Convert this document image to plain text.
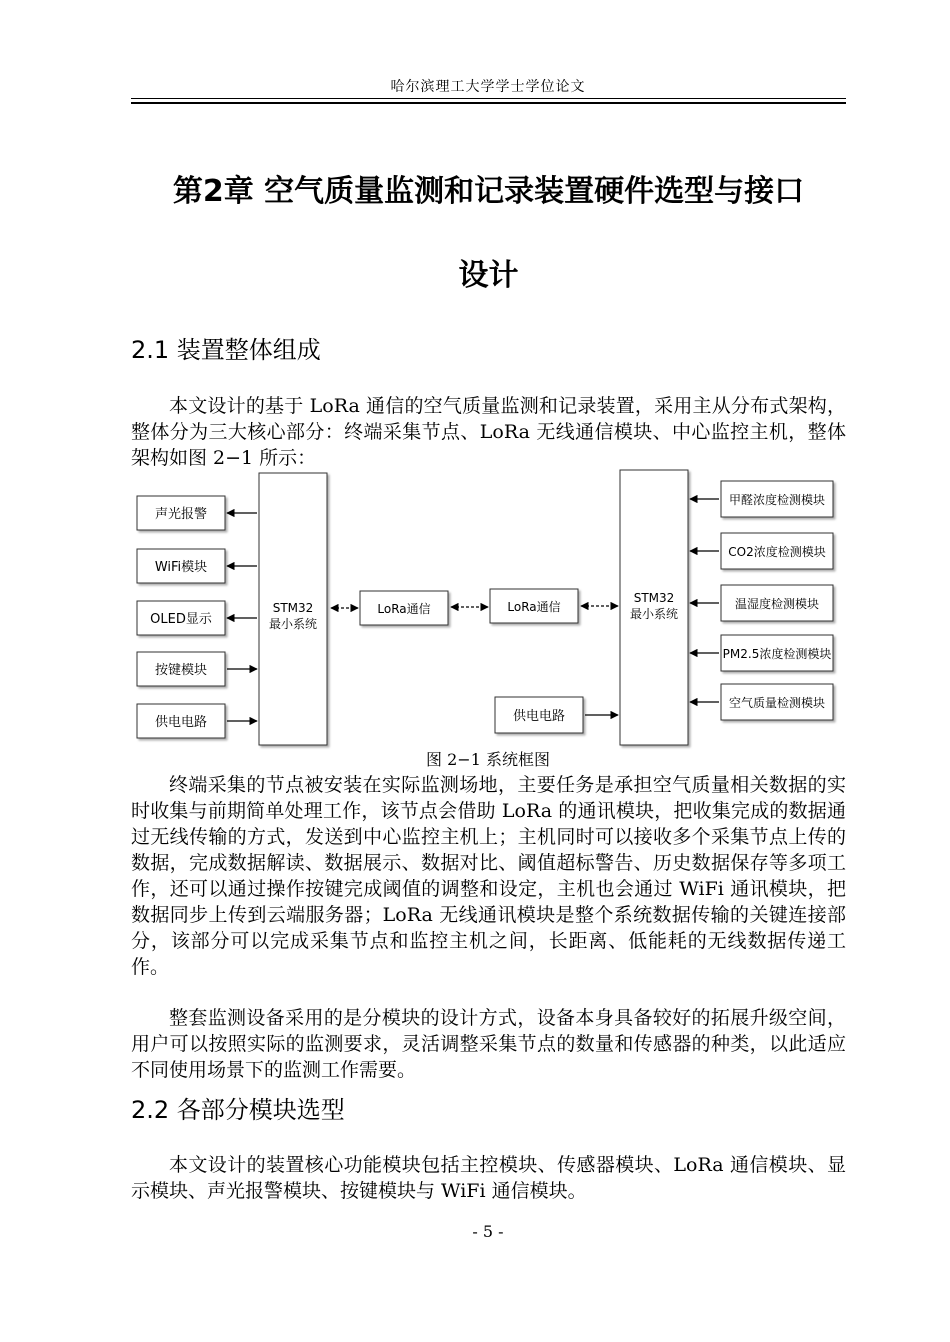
哈尔滨理工大学学士学位论文
第2章 空气质量监测和记录装置硬件选型与接口
设计
2.1 装置整体组成

本文设计的基于 LoRa 通信的空气质量监测和记录装置，采用主从分布式架构，整体分为三大核心部分：终端采集节点、LoRa 无线通信模块、中心监控主机，整体架构如图 2−1 所示：

声光报警
WiFi模块
OLED显示
按键模块
供电电路
STM32
最小系统
LoRa通信	LoRa通信
STM32
最小系统
供电电路
甲醛浓度检测模块
CO2浓度检测模块
温湿度检测模块
PM2.5浓度检测模块
空气质量检测模块
图 2−1 系统框图

终端采集的节点被安装在实际监测场地，主要任务是承担空气质量相关数据的实时收集与前期简单处理工作，该节点会借助 LoRa 的通讯模块，把收集完成的数据通过无线传输的方式，发送到中心监控主机上；主机同时可以接收多个采集节点上传的数据，完成数据解读、数据展示、数据对比、阈值超标警告、历史数据保存等多项工作，还可以通过操作按键完成阈值的调整和设定，主机也会通过 WiFi 通讯模块，把数据同步上传到云端服务器；LoRa 无线通讯模块是整个系统数据传输的关键连接部分，该部分可以完成采集节点和监控主机之间，长距离、低能耗的无线数据传递工作。

整套监测设备采用的是分模块的设计方式，设备本身具备较好的拓展升级空间，用户可以按照实际的监测要求，灵活调整采集节点的数量和传感器的种类，以此适应不同使用场景下的监测工作需要。

2.2 各部分模块选型

本文设计的装置核心功能模块包括主控模块、传感器模块、LoRa 通信模块、显示模块、声光报警模块、按键模块与 WiFi 通信模块。

- 5 -
